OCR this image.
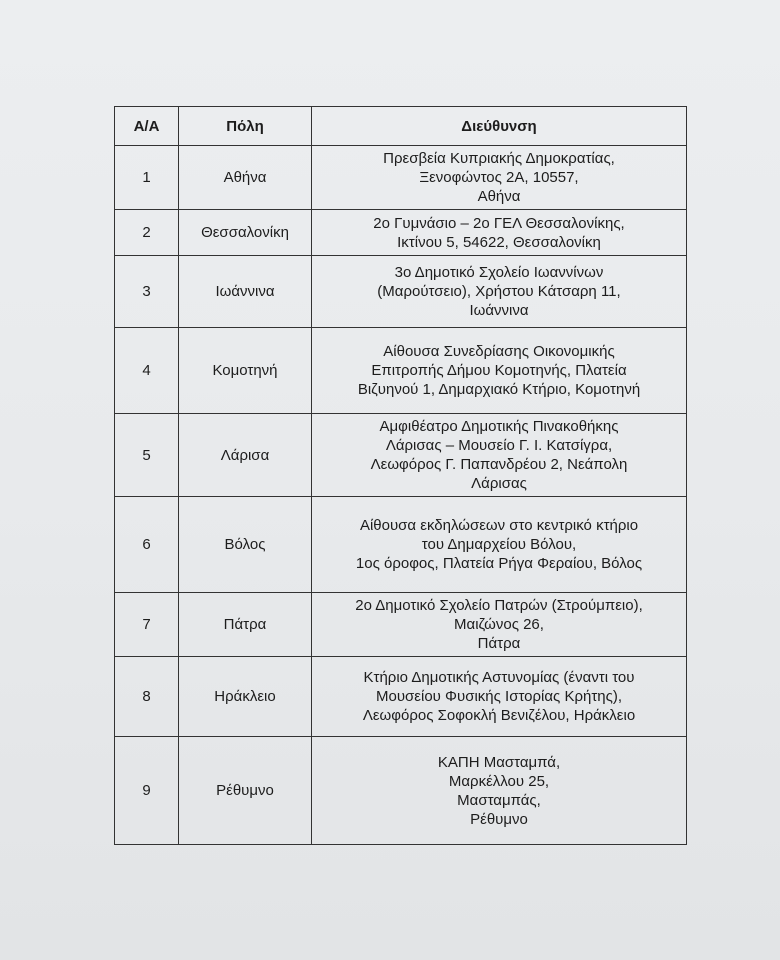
Α/Α	Πόλη	Διεύθυνση
1	Αθήνα	Πρεσβεία Κυπριακής Δημοκρατίας,
Ξενοφώντος 2Α, 10557,
Αθήνα

2	Θεσσαλονίκη	2ο Γυμνάσιο – 2ο ΓΕΛ Θεσσαλονίκης,
Ικτίνου 5, 54622, Θεσσαλονίκη

3	Ιωάννινα	3ο Δημοτικό Σχολείο Ιωαννίνων
(Μαρούτσειο), Χρήστου Κάτσαρη 11,
Ιωάννινα

4	Κομοτηνή	Αίθουσα Συνεδρίασης Οικονομικής
Επιτροπής Δήμου Κομοτηνής, Πλατεία
Βιζυηνού 1, Δημαρχιακό Κτήριο, Κομοτηνή

5	Λάρισα	Αμφιθέατρο Δημοτικής Πινακοθήκης
Λάρισας – Μουσείο Γ. Ι. Κατσίγρα,
Λεωφόρος Γ. Παπανδρέου 2, Νεάπολη
Λάρισας

6	Βόλος	Αίθουσα εκδηλώσεων στο κεντρικό κτήριο
του Δημαρχείου Βόλου,
1ος όροφος, Πλατεία Ρήγα Φεραίου, Βόλος

7	Πάτρα	2ο Δημοτικό Σχολείο Πατρών (Στρούμπειο),
Μαιζώνος 26,
Πάτρα

8	Ηράκλειο	Κτήριο Δημοτικής Αστυνομίας (έναντι του
Μουσείου Φυσικής Ιστορίας Κρήτης),
Λεωφόρος Σοφοκλή Βενιζέλου, Ηράκλειο

9	Ρέθυμνο	ΚΑΠΗ Μασταμπά,
Μαρκέλλου 25,
Μασταμπάς,
Ρέθυμνο
